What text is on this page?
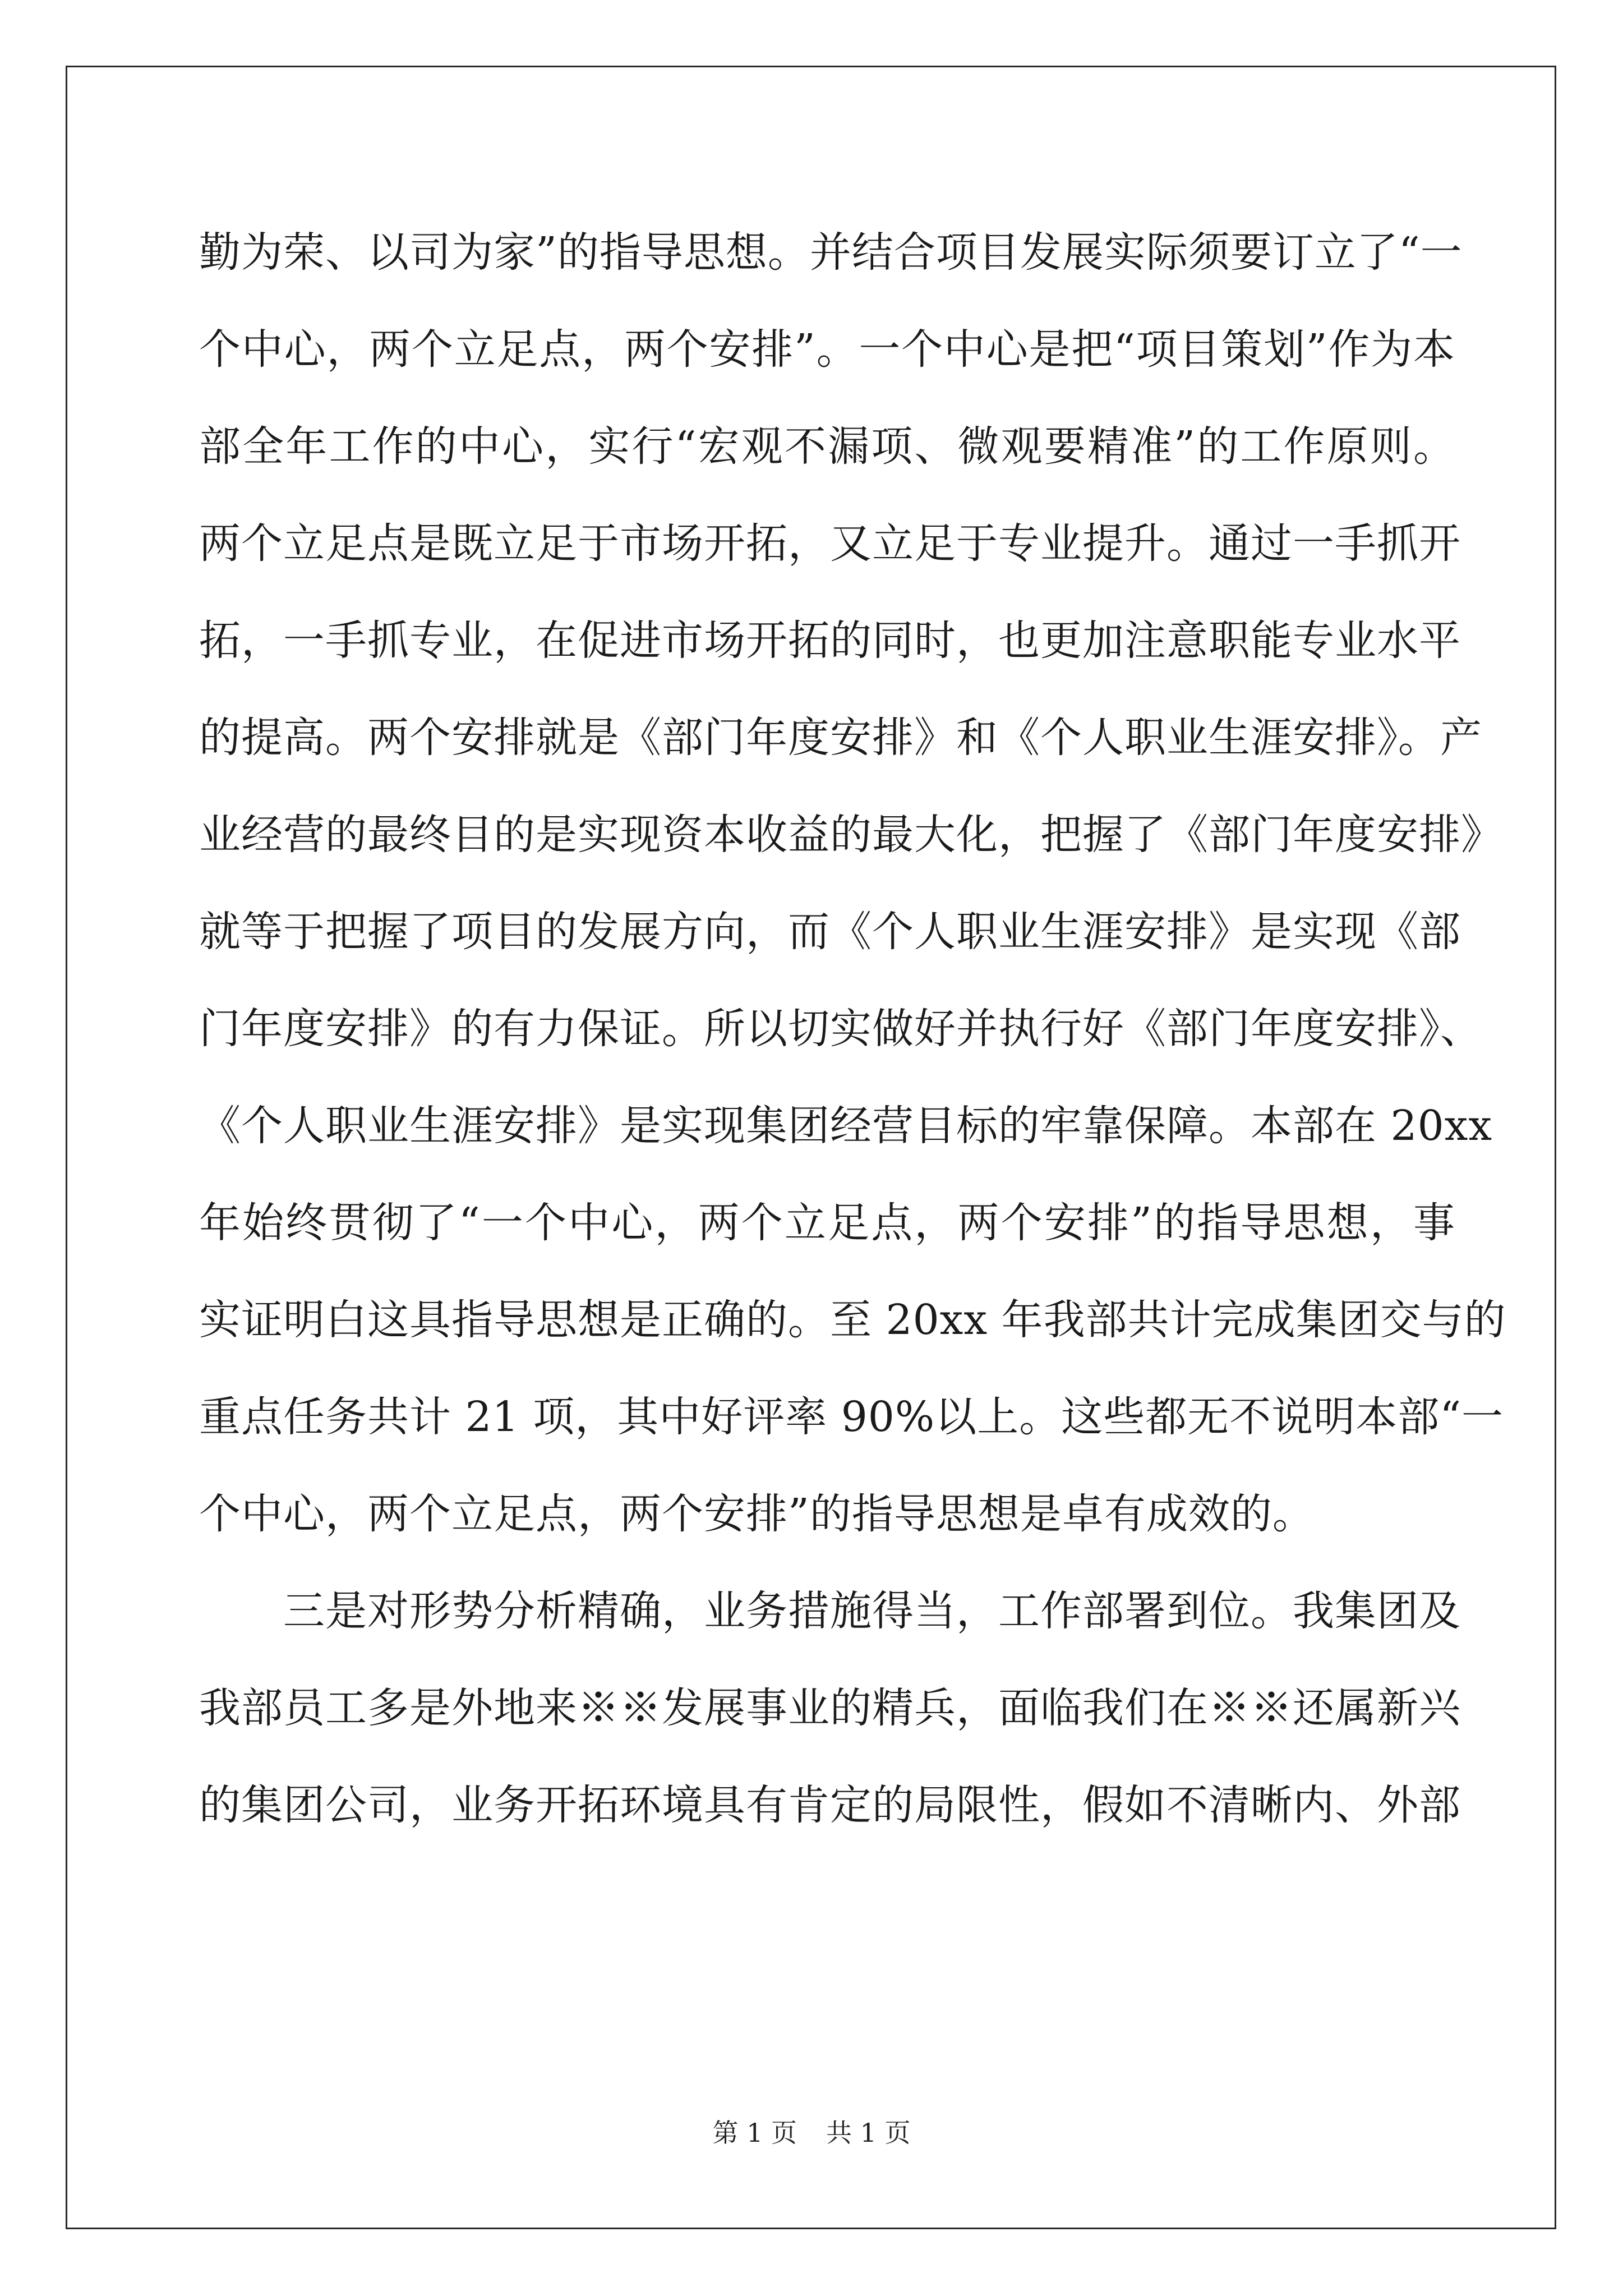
勤为荣、以司为家”的指导思想。并结合项目发展实际须要订立了“一
个中心，两个立足点，两个安排”。一个中心是把“项目策划”作为本
部全年工作的中心，实行“宏观不漏项、微观要精准”的工作原则。
两个立足点是既立足于市场开拓，又立足于专业提升。通过一手抓开
拓，一手抓专业，在促进市场开拓的同时，也更加注意职能专业水平
的提高。两个安排就是《部门年度安排》和《个人职业生涯安排》。产
业经营的最终目的是实现资本收益的最大化，把握了《部门年度安排》
就等于把握了项目的发展方向，而《个人职业生涯安排》是实现《部
门年度安排》的有力保证。所以切实做好并执行好《部门年度安排》、
《个人职业生涯安排》是实现集团经营目标的牢靠保障。本部在 20xx
年始终贯彻了“一个中心，两个立足点，两个安排”的指导思想，事
实证明白这具指导思想是正确的。至 20xx 年我部共计完成集团交与的
重点任务共计 21 项，其中好评率 90%以上。这些都无不说明本部“一
个中心，两个立足点，两个安排”的指导思想是卓有成效的。
三是对形势分析精确，业务措施得当，工作部署到位。我集团及
我部员工多是外地来※※发展事业的精兵，面临我们在※※还属新兴
的集团公司，业务开拓环境具有肯定的局限性，假如不清晰内、外部
第 1 页 共 1 页
